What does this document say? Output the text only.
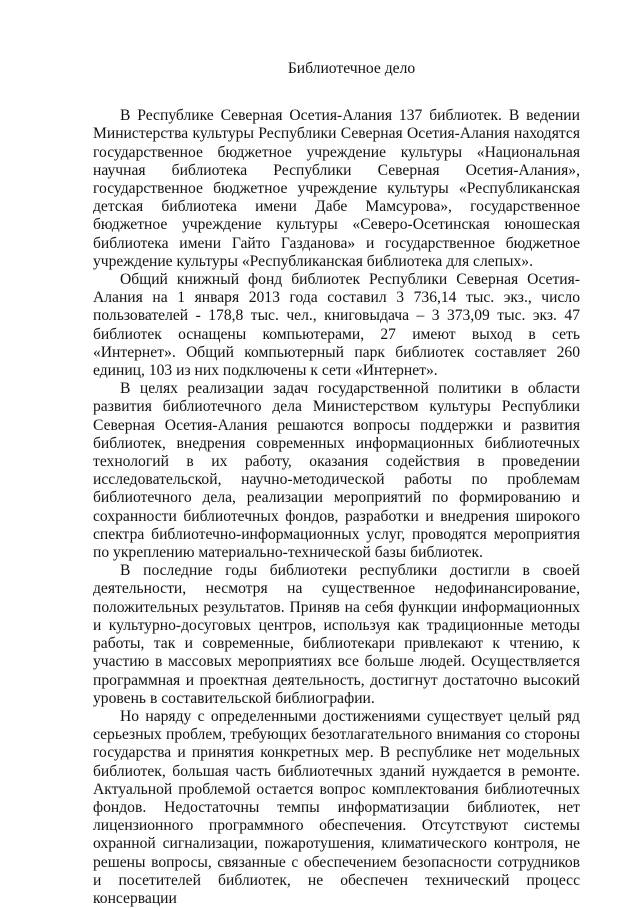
Библиотечное дело

В Республике Северная Осетия-Алания 137 библиотек. В ведении Министерства культуры Республики Северная Осетия-Алания находятся государственное бюджетное учреждение культуры «Национальная научная библиотека Республики Северная Осетия-Алания», государственное бюджетное учреждение культуры «Республиканская детская библиотека имени Дабе Мамсурова», государственное бюджетное учреждение культуры «Северо-Осетинская юношеская библиотека имени Гайто Газданова» и государственное бюджетное учреждение культуры «Республиканская библиотека для слепых».

Общий книжный фонд библиотек Республики Северная Осетия-Алания на 1 января 2013 года составил 3 736,14 тыс. экз., число пользователей - 178,8 тыс. чел., книговыдача – 3 373,09 тыс. экз. 47 библиотек оснащены компьютерами, 27 имеют выход в сеть «Интернет». Общий компьютерный парк библиотек составляет 260 единиц, 103 из них подключены к сети «Интернет».

В целях реализации задач государственной политики в области развития библиотечного дела Министерством культуры Республики Северная Осетия-Алания решаются вопросы поддержки и развития библиотек, внедрения современных информационных библиотечных технологий в их работу, оказания содействия в проведении исследовательской, научно-методической работы по проблемам библиотечного дела, реализации мероприятий по формированию и сохранности библиотечных фондов, разработки и внедрения широкого спектра библиотечно-информационных услуг, проводятся мероприятия по укреплению материально-технической базы библиотек.

В последние годы библиотеки республики достигли в своей деятельности, несмотря на существенное недофинансирование, положительных результатов. Приняв на себя функции информационных и культурно-досуговых центров, используя как традиционные методы работы, так и современные, библиотекари привлекают к чтению, к участию в массовых мероприятиях все больше людей. Осуществляется программная и проектная деятельность, достигнут достаточно высокий уровень в составительской библиографии.

Но наряду с определенными достижениями существует целый ряд серьезных проблем, требующих безотлагательного внимания со стороны государства и принятия конкретных мер. В республике нет модельных библиотек, большая часть библиотечных зданий нуждается в ремонте. Актуальной проблемой остается вопрос комплектования библиотечных фондов. Недостаточны темпы информатизации библиотек, нет лицензионного программного обеспечения. Отсутствуют системы охранной сигнализации, пожаротушения, климатического контроля, не решены вопросы, связанные с обеспечением безопасности сотрудников и посетителей библиотек, не обеспечен технический процесс консервации
